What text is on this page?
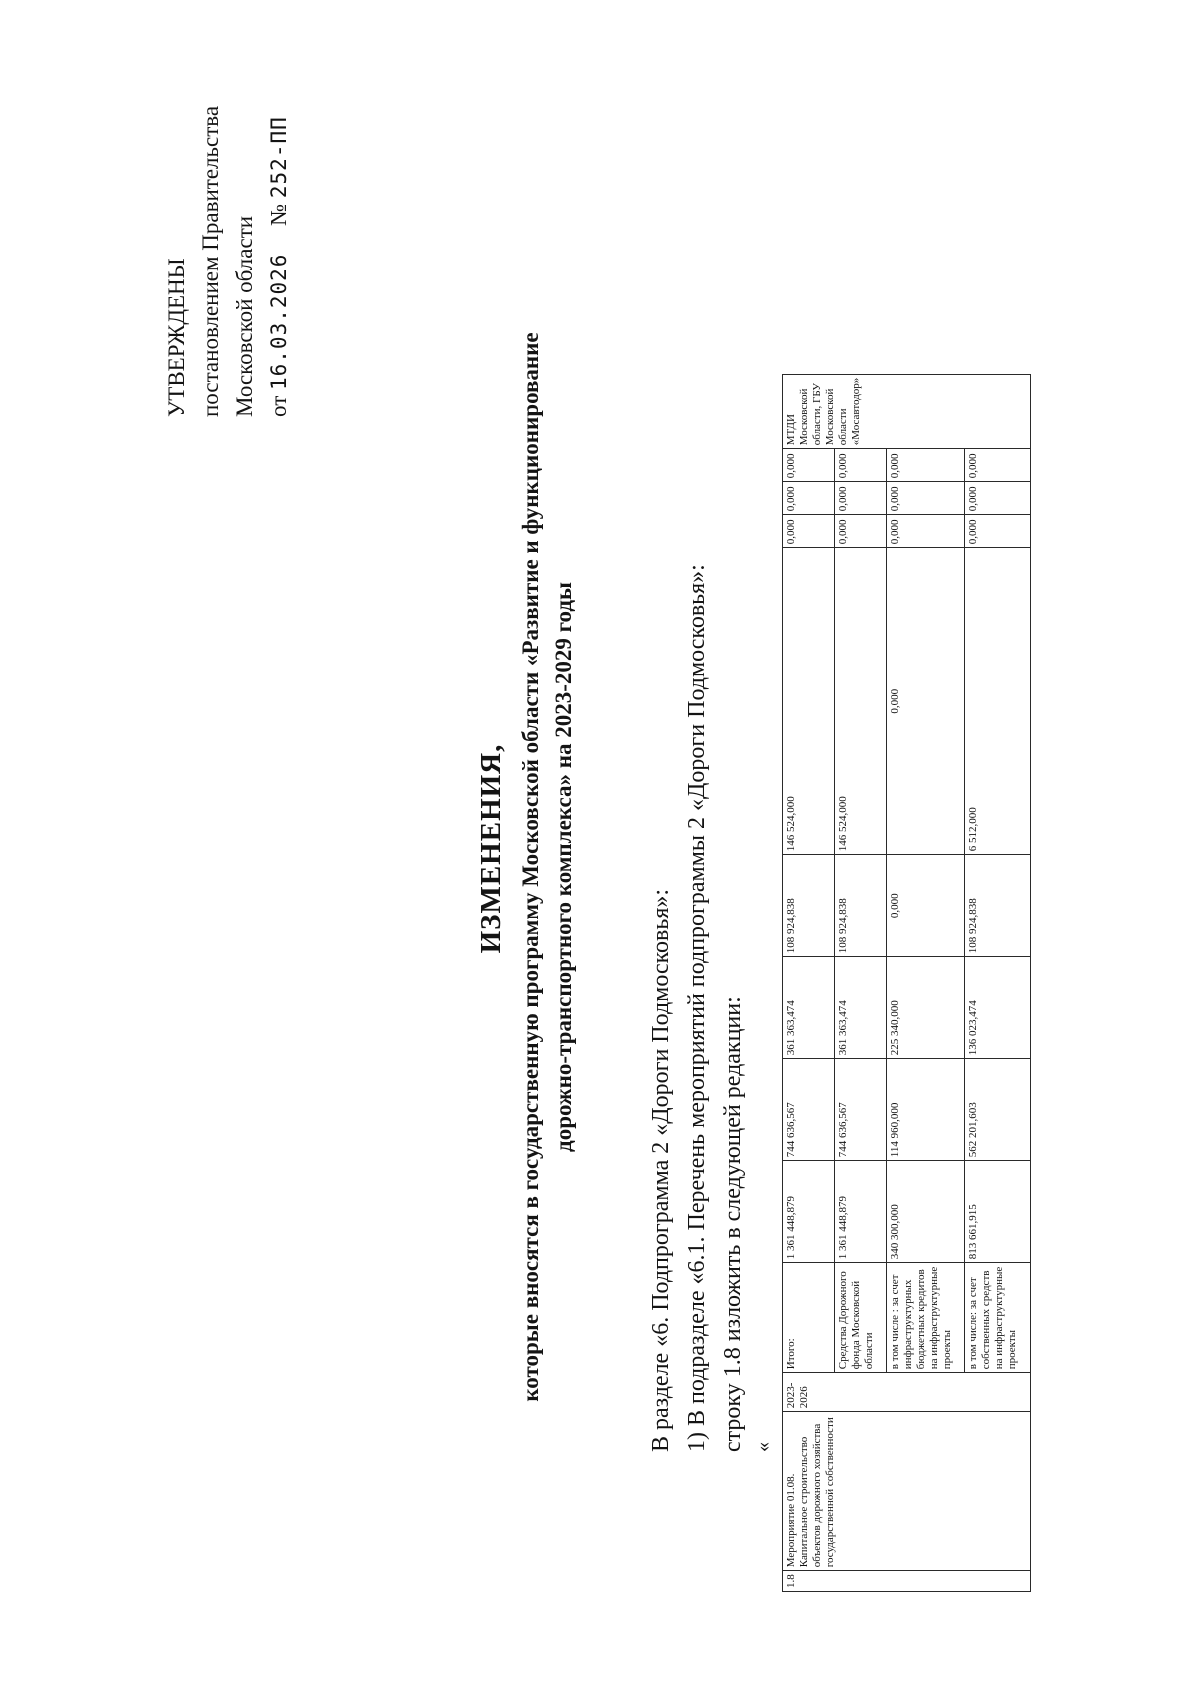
УТВЕРЖДЕНЫ постановлением Правительства Московской области от 16.03.2026 № 252-ПП
ИЗМЕНЕНИЯ, которые вносятся в государственную программу Московской области «Развитие и функционирование дорожно-транспортного комплекса» на 2023-2029 годы
В разделе «6. Подпрограмма 2 «Дороги Подмосковья»: 1) В подразделе «6.1. Перечень мероприятий подпрограммы 2 «Дороги Подмосковья»: строку 1.8 изложить в следующей редакции: «
1.8	Мероприятие 01.08. Капитальное строительство объектов дорожного хозяйства государственной собственности	2023-2026	Итого:	1 361 448,879	744 636,567	361 363,474	108 924,838	146 524,000	0,000	0,000	0,000	МТДИ Московской области, ГБУ Московской области «Мосавтодор»
			Средства Дорожного фонда Московской области	1 361 448,879	744 636,567	361 363,474	108 924,838	146 524,000	0,000	0,000	0,000	
			в том числе : за счет инфраструктурных бюджетных кредитов на инфраструктурные проекты	340 300,000	114 960,000	225 340,000	0,000	0,000	0,000	0,000	0,000	
			в том числе: за счет собственных средств на инфраструктурные проекты	813 661,915	562 201,603	136 023,474	108 924,838	6 512,000	0,000	0,000	0,000	
